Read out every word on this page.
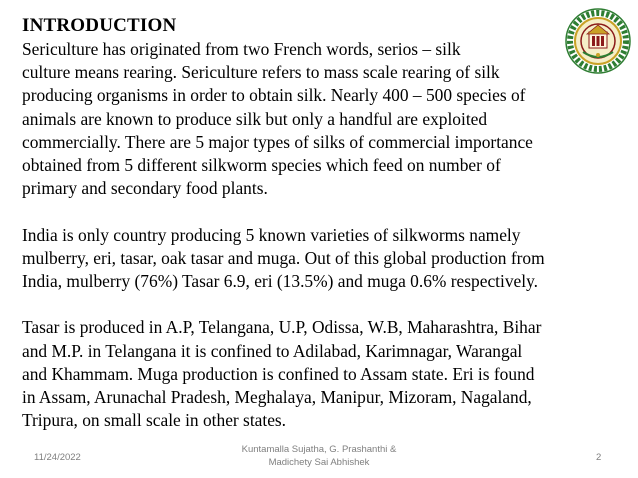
INTRODUCTION

Sericulture has originated from two French words, serios – silk
culture means rearing. Sericulture refers to mass scale rearing of silk
producing organisms in order to obtain silk. Nearly 400 – 500 species of
animals are known to produce silk but only a handful are exploited
commercially. There are 5 major types of silks of commercial importance
obtained from 5 different silkworm species which feed on number of
primary and secondary food plants.

India is only country producing 5 known varieties of silkworms namely
mulberry, eri, tasar, oak tasar and muga. Out of this global production from
India, mulberry (76%) Tasar 6.9, eri (13.5%) and muga 0.6% respectively.

Tasar is produced in A.P, Telangana, U.P, Odissa, W.B, Maharashtra, Bihar
and M.P. in Telangana it is confined to Adilabad, Karimnagar, Warangal
and Khammam. Muga production is confined to Assam state. Eri is found
in Assam, Arunachal Pradesh, Meghalaya, Manipur, Mizoram, Nagaland,
Tripura, on small scale in other states.

11/24/2022
Kuntamalla Sujatha, G. Prashanthi &
Madichety Sai Abhishek	2
